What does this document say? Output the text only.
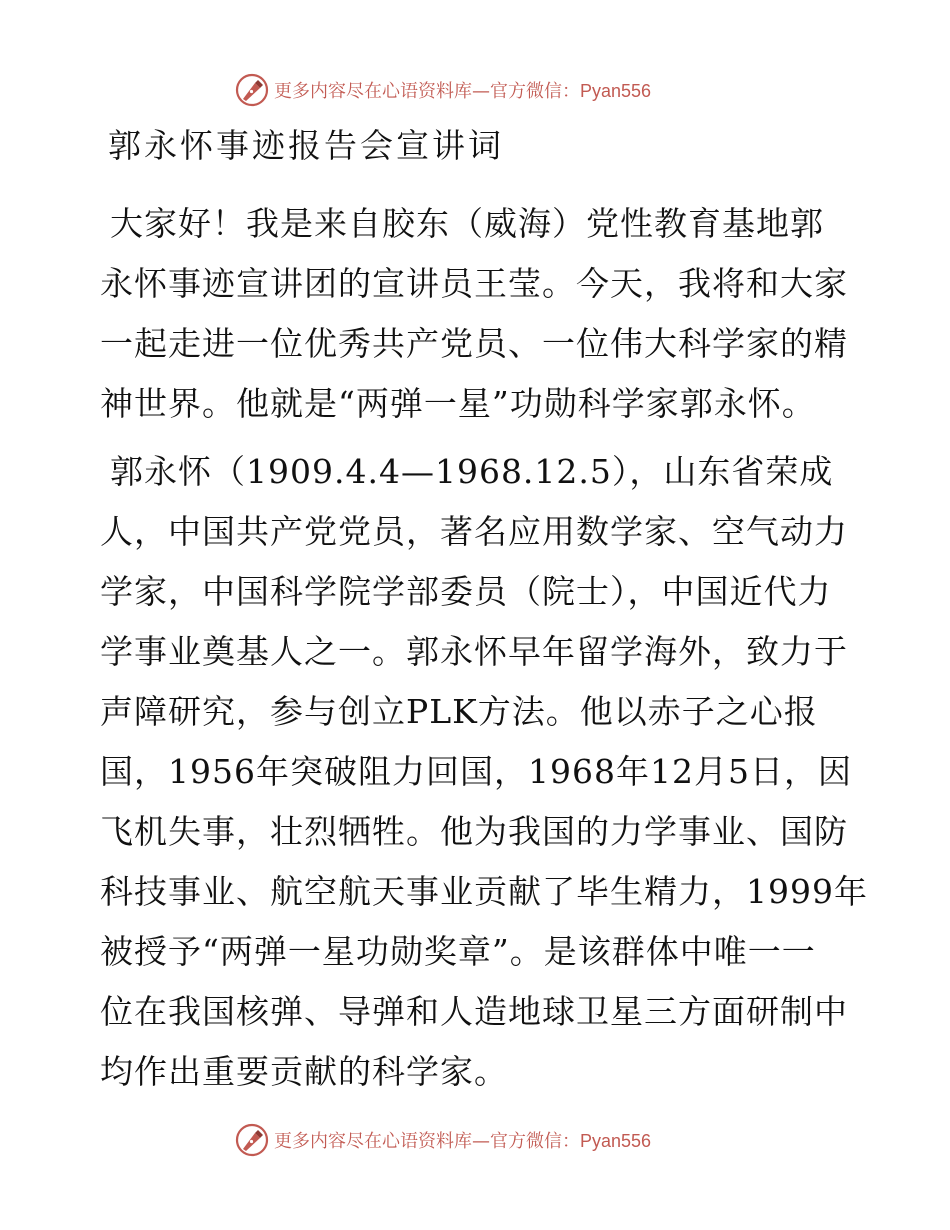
更多内容尽在心语资料库—官方微信：Pyan556
郭永怀事迹报告会宣讲词
大家好！我是来自胶东（威海）党性教育基地郭
永怀事迹宣讲团的宣讲员王莹。今天，我将和大家
一起走进一位优秀共产党员、一位伟大科学家的精
神世界。他就是“两弹一星”功勋科学家郭永怀。
郭永怀（1909.4.4—1968.12.5），山东省荣成
人，中国共产党党员，著名应用数学家、空气动力
学家，中国科学院学部委员（院士），中国近代力
学事业奠基人之一。郭永怀早年留学海外，致力于
声障研究，参与创立PLK方法。他以赤子之心报
国，1956年突破阻力回国，1968年12月5日，因
飞机失事，壮烈牺牲。他为我国的力学事业、国防
科技事业、航空航天事业贡献了毕生精力，1999年
被授予“两弹一星功勋奖章”。是该群体中唯一一
位在我国核弹、导弹和人造地球卫星三方面研制中
均作出重要贡献的科学家。
更多内容尽在心语资料库—官方微信：Pyan556
